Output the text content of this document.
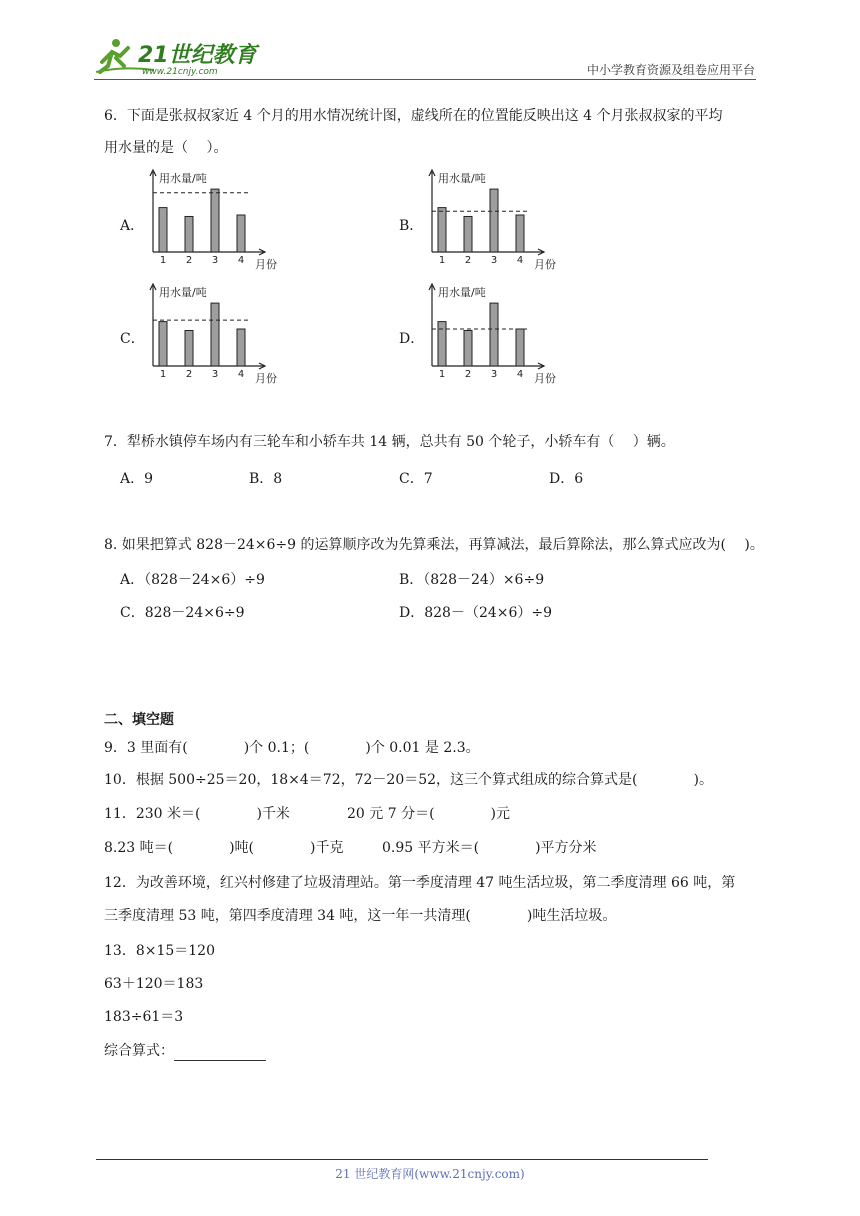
21世纪教育
www.21cnjy.com	中小学教育资源及组卷应用平台
6．下面是张叔叔家近 4 个月的用水情况统计图，虚线所在的位置能反映出这 4 个月张叔叔家的平均
用水量的是（　 ）。
A．
用水量/吨
月份
1 2 3 4
B．
用水量/吨
月份
1 2 3 4
C．
用水量/吨
月份
1 2 3 4
D．
用水量/吨
月份
1 2 3 4
7．犁桥水镇停车场内有三轮车和小轿车共 14 辆，总共有 50 个轮子，小轿车有（　 ）辆。
A．9	B．8	C．7	D．6
8. 如果把算式 828－24×6÷9 的运算顺序改为先算乘法，再算减法，最后算除法，那么算式应改为(　 )。
A．（828－24×6）÷9	B．（828－24）×6÷9
C．828－24×6÷9	D．828－（24×6）÷9
二、填空题
9．3 里面有(　　　　)个 0.1；(　　　　)个 0.01 是 2.3。
10．根据 500÷25＝20，18×4＝72，72－20＝52，这三个算式组成的综合算式是(　　　　)。
11．230 米＝(　　　　)千米	20 元 7 分＝(　　　　)元
8.23 吨＝(　　　　)吨(　　　　)千克	0.95 平方米＝(　　　　)平方分米
12．为改善环境，红兴村修建了垃圾清理站。第一季度清理 47 吨生活垃圾，第二季度清理 66 吨，第
三季度清理 53 吨，第四季度清理 34 吨，这一年一共清理(　　　　)吨生活垃圾。
13．8×15＝120
63＋120＝183
183÷61＝3
综合算式：
21 世纪教育网(www.21cnjy.com)
